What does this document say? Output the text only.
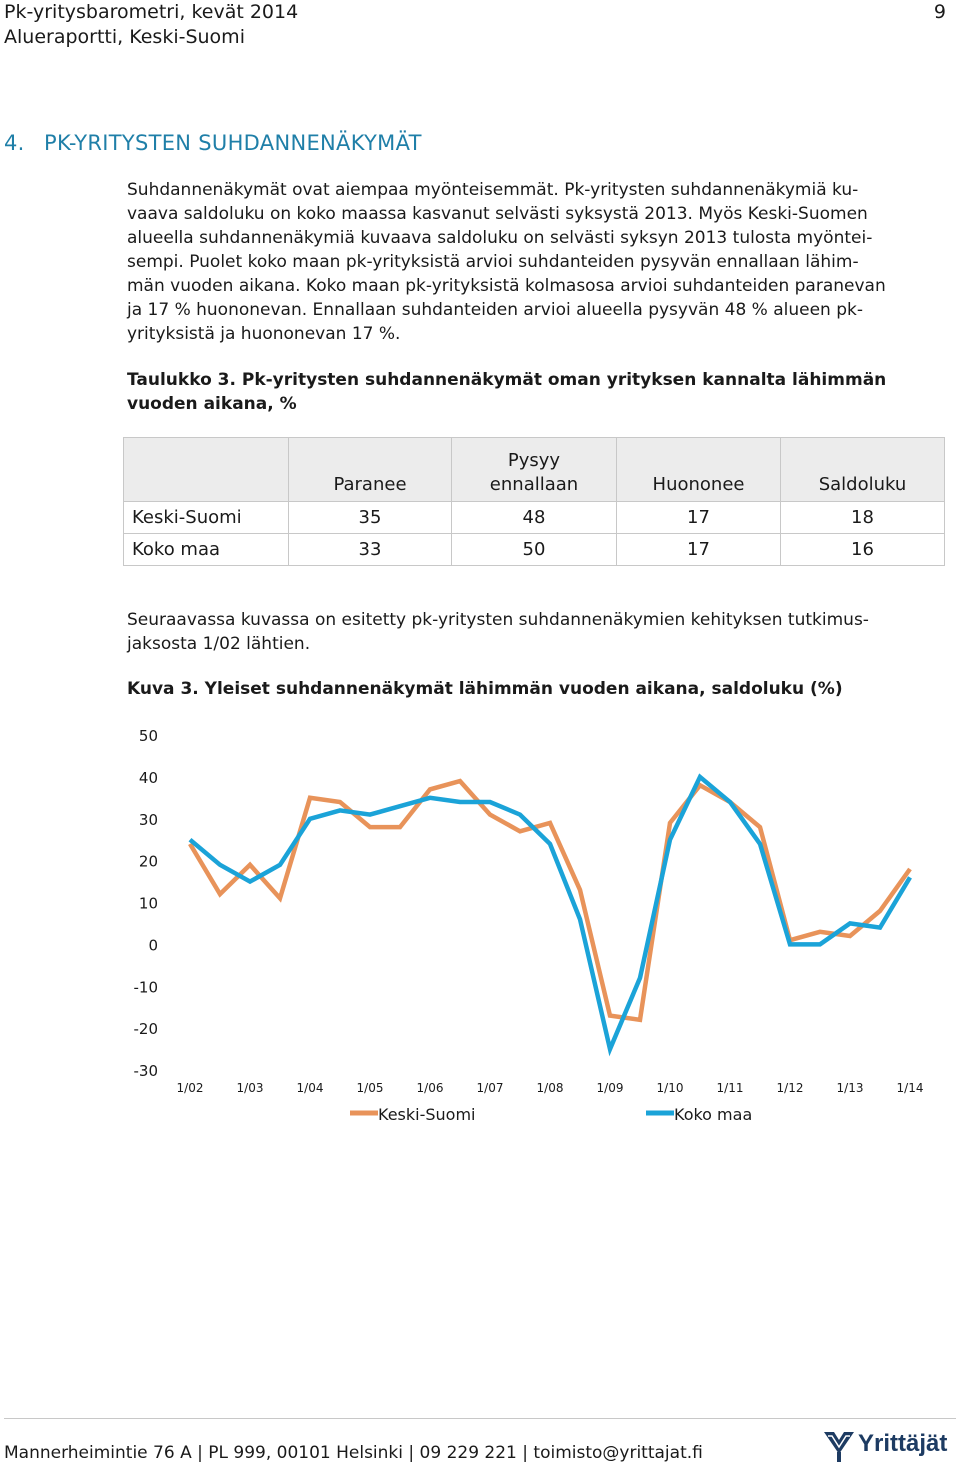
Pk-yritysbarometri, kevät 2014
Alueraportti, Keski-Suomi
9
4. PK-YRITYSTEN SUHDANNENÄKYMÄT
Suhdannenäkymät ovat aiempaa myönteisemmät. Pk-yritysten suhdannenäkymiä ku-
vaava saldoluku on koko maassa kasvanut selvästi syksystä 2013. Myös Keski-Suomen
alueella suhdannenäkymiä kuvaava saldoluku on selvästi syksyn 2013 tulosta myöntei-
sempi. Puolet koko maan pk-yrityksistä arvioi suhdanteiden pysyvän ennallaan lähim-
män vuoden aikana. Koko maan pk-yrityksistä kolmasosa arvioi suhdanteiden paranevan
ja 17 % huononevan. Ennallaan suhdanteiden arvioi alueella pysyvän 48 % alueen pk-
yrityksistä ja huononevan 17 %.
Taulukko 3. Pk-yritysten suhdannenäkymät oman yrityksen kannalta lähimmän
vuoden aikana, %
	Paranee	Pysyy
ennallaan	Huononee	Saldoluku
Keski-Suomi	35	48	17	18
Koko maa	33	50	17	16
Seuraavassa kuvassa on esitetty pk-yritysten suhdannenäkymien kehityksen tutkimus-
jaksosta 1/02 lähtien.
Kuva 3. Yleiset suhdannenäkymät lähimmän vuoden aikana, saldoluku (%)
50
40
30
20
10
0
-10
-20
-30
1/02	1/03	1/04	1/05	1/06	1/07	1/08	1/09	1/10	1/11	1/12	1/13	1/14
Keski-Suomi	Koko maa
Mannerheimintie 76 A | PL 999, 00101 Helsinki | 09 229 221 | toimisto@yrittajat.fi	Yrittäjät
